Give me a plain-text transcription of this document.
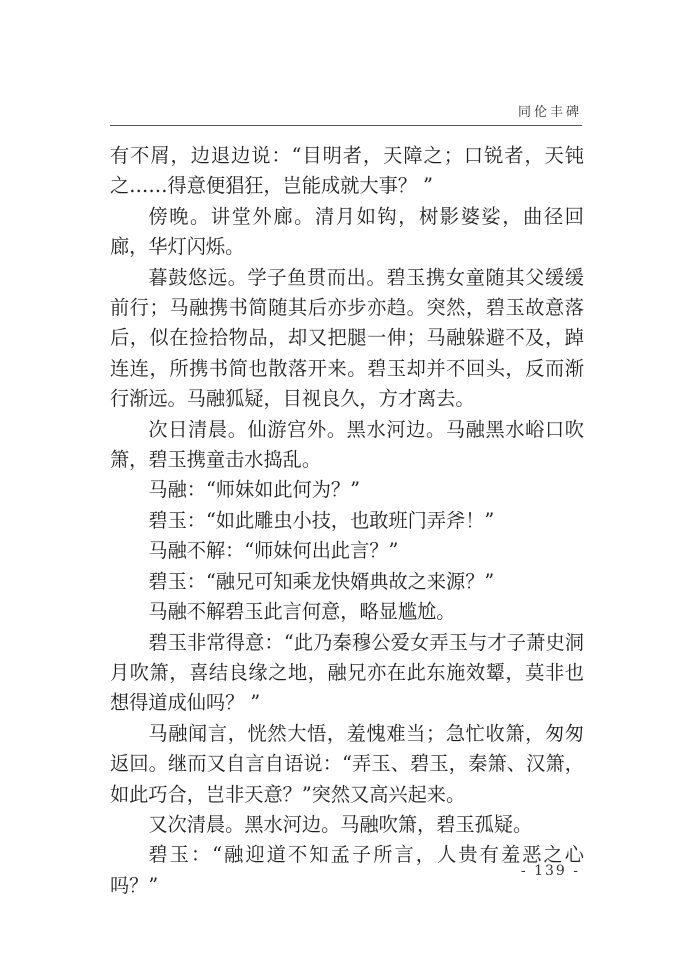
同伦丰碑

有不屑，边退边说：“目明者，天障之；口锐者，天钝之……得意便猖狂，岂能成就大事？ ”

傍晚。讲堂外廊。清月如钩，树影婆娑，曲径回廊，华灯闪烁。

暮鼓悠远。学子鱼贯而出。碧玉携女童随其父缓缓前行；马融携书简随其后亦步亦趋。突然，碧玉故意落后，似在捡拾物品，却又把腿一伸；马融躲避不及，踔连连，所携书简也散落开来。碧玉却并不回头，反而渐行渐远。马融狐疑，目视良久，方才离去。

次日清晨。仙游宫外。黑水河边。马融黑水峪口吹箫，碧玉携童击水捣乱。

马融：“师妹如此何为？”

碧玉：“如此雕虫小技，也敢班门弄斧！”

马融不解：“师妹何出此言？”

碧玉：“融兄可知乘龙快婿典故之来源？”

马融不解碧玉此言何意，略显尴尬。

碧玉非常得意：“此乃秦穆公爱女弄玉与才子萧史洞月吹箫，喜结良缘之地，融兄亦在此东施效颦，莫非也想得道成仙吗？ ”

马融闻言，恍然大悟，羞愧难当；急忙收箫，匆匆返回。继而又自言自语说：“弄玉、碧玉，秦箫、汉箫， 如此巧合，岂非天意？”突然又高兴起来。

又次清晨。黑水河边。马融吹箫，碧玉孤疑。

碧玉：“融迎道不知孟子所言，人贵有羞恶之心吗？”

- 139 -
